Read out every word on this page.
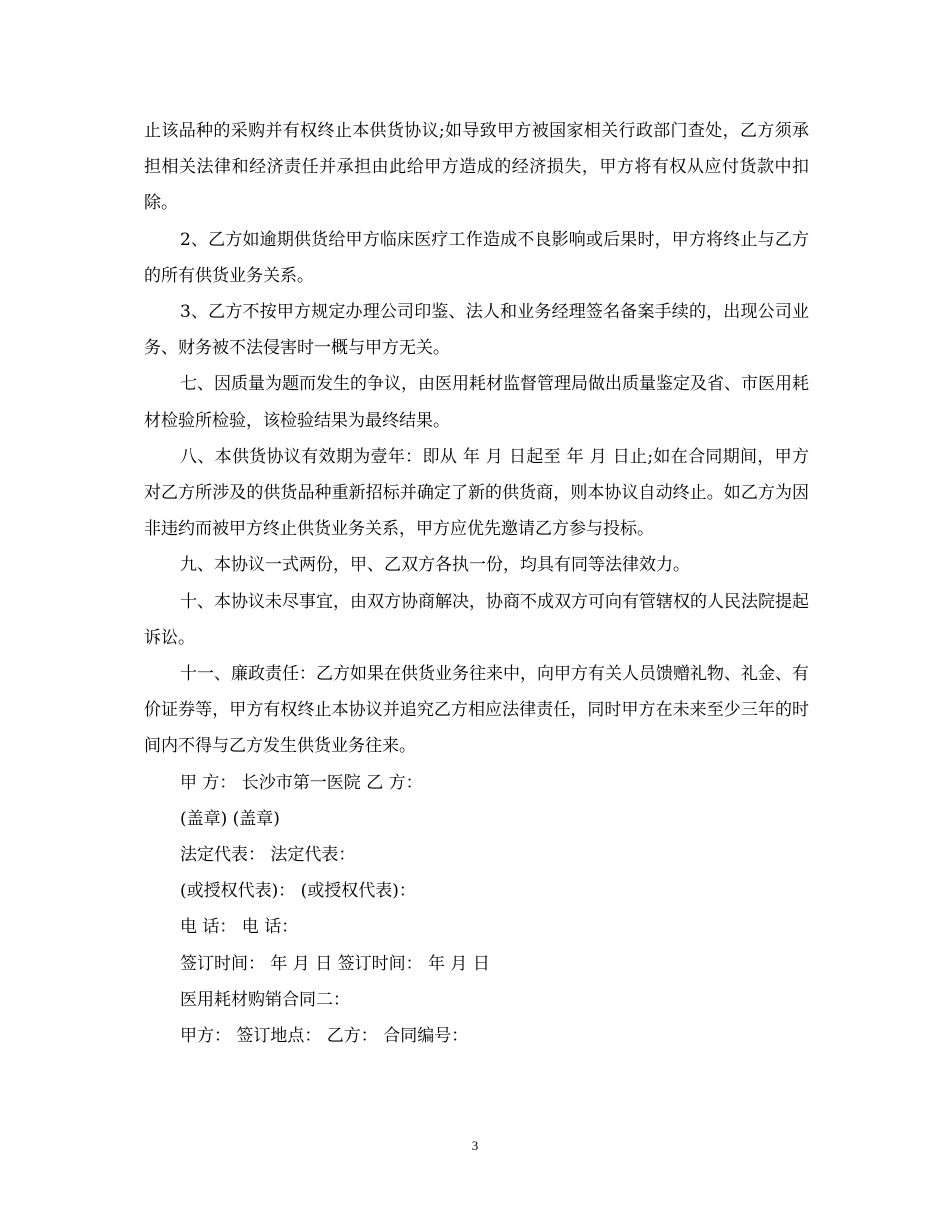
止该品种的采购并有权终止本供货协议;如导致甲方被国家相关行政部门查处，乙方须承担相关法律和经济责任并承担由此给甲方造成的经济损失，甲方将有权从应付货款中扣除。

2、乙方如逾期供货给甲方临床医疗工作造成不良影响或后果时，甲方将终止与乙方的所有供货业务关系。

3、乙方不按甲方规定办理公司印鉴、法人和业务经理签名备案手续的，出现公司业务、财务被不法侵害时一概与甲方无关。

七、因质量为题而发生的争议，由医用耗材监督管理局做出质量鉴定及省、市医用耗材检验所检验，该检验结果为最终结果。

八、本供货协议有效期为壹年：即从 年 月 日起至 年 月 日止;如在合同期间，甲方对乙方所涉及的供货品种重新招标并确定了新的供货商，则本协议自动终止。如乙方为因非违约而被甲方终止供货业务关系，甲方应优先邀请乙方参与投标。

九、本协议一式两份，甲、乙双方各执一份，均具有同等法律效力。

十、本协议未尽事宜，由双方协商解决，协商不成双方可向有管辖权的人民法院提起诉讼。

十一、廉政责任：乙方如果在供货业务往来中，向甲方有关人员馈赠礼物、礼金、有价证券等，甲方有权终止本协议并追究乙方相应法律责任，同时甲方在未来至少三年的时间内不得与乙方发生供货业务往来。

甲 方： 长沙市第一医院 乙 方：

(盖章) (盖章)

法定代表： 法定代表：

(或授权代表)： (或授权代表)：

电 话： 电 话：

签订时间： 年 月 日 签订时间： 年 月 日

医用耗材购销合同二：

甲方： 签订地点： 乙方： 合同编号：

3
